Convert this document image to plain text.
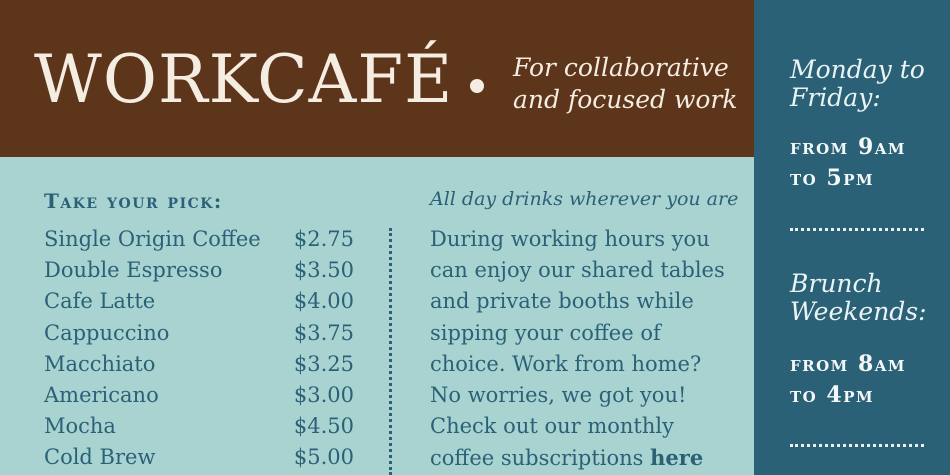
WORKCAFÉ For collaborative
and focused work
Monday to
Friday:
from 9am
to 5pm
Brunch
Weekends:
from 8am
to 4pm
Take your pick:
Single Origin Coffee $2.75
Double Espresso	$3.50
Cafe Latte	$4.00
Cappuccino	$3.75
Macchiato	$3.25
Americano	$3.00
Mocha	$4.50
Cold Brew	$5.00
All day drinks wherever you are
During working hours you
can enjoy our shared tables
and private booths while
sipping your coffee of
choice. Work from home?
No worries, we got you!
Check out our monthly
coffee subscriptions here
